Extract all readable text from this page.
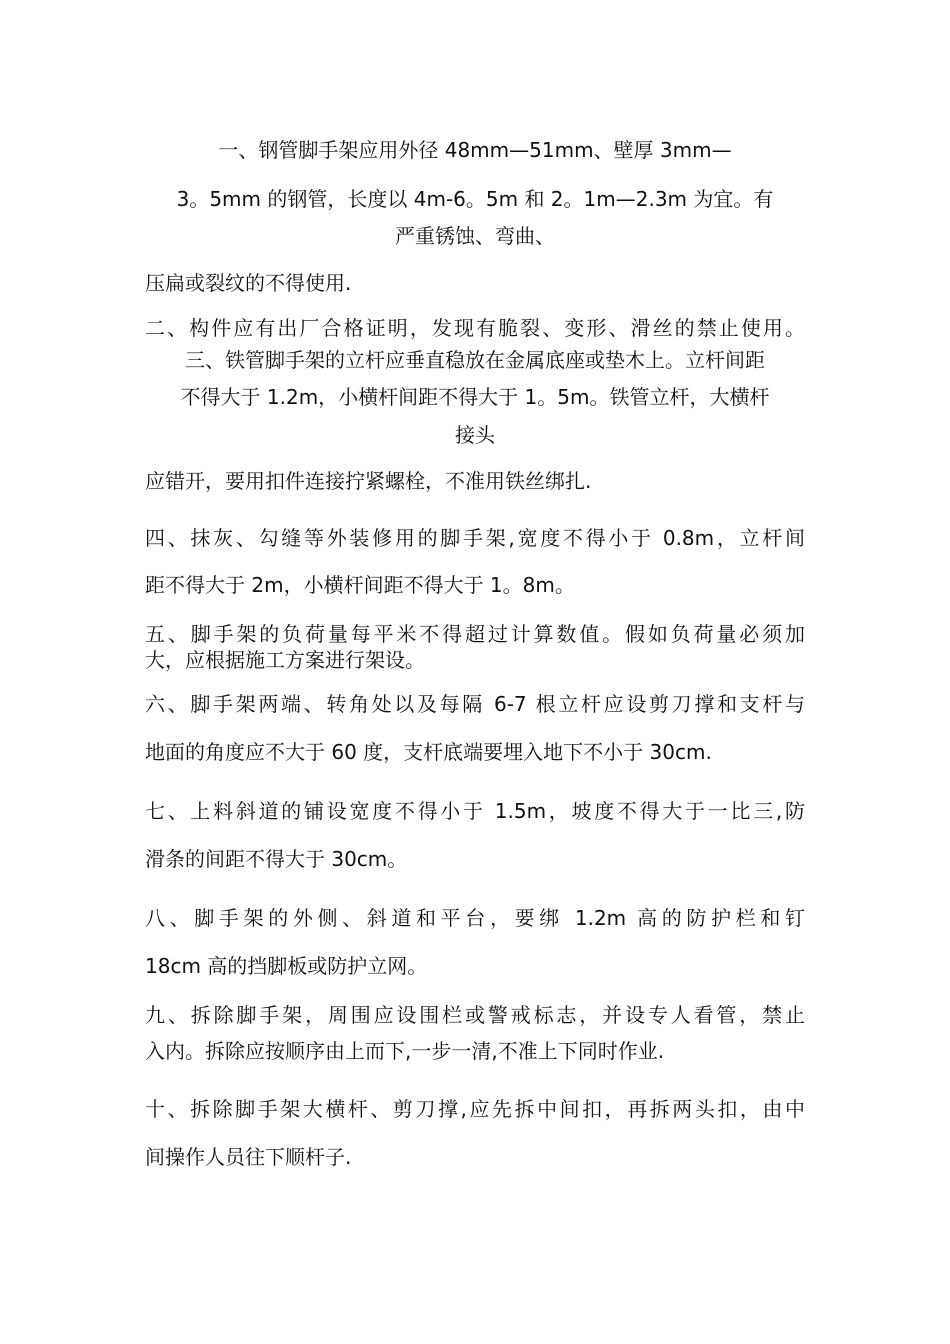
一、钢管脚手架应用外径 48mm—51mm、壁厚 3mm—
3。5mm 的钢管，长度以 4m-6。5m 和 2。1m—2.3m 为宜。有
严重锈蚀、弯曲、
压扁或裂纹的不得使用.
二、构件应有出厂合格证明，发现有脆裂、变形、滑丝的禁止使用。
三、铁管脚手架的立杆应垂直稳放在金属底座或垫木上。立杆间距
不得大于 1.2m，小横杆间距不得大于 1。5m。铁管立杆，大横杆
接头
应错开，要用扣件连接拧紧螺栓，不准用铁丝绑扎.
四、抹灰、勾缝等外装修用的脚手架,宽度不得小于 0.8m，立杆间
距不得大于 2m，小横杆间距不得大于 1。8m。
五、脚手架的负荷量每平米不得超过计算数值。假如负荷量必须加
大，应根据施工方案进行架设。
六、脚手架两端、转角处以及每隔 6-7 根立杆应设剪刀撑和支杆与
地面的角度应不大于 60 度，支杆底端要埋入地下不小于 30cm.
七、上料斜道的铺设宽度不得小于 1.5m，坡度不得大于一比三,防
滑条的间距不得大于 30cm。
八、脚手架的外侧、斜道和平台，要绑 1.2m 高的防护栏和钉
18cm 高的挡脚板或防护立网。
九、拆除脚手架，周围应设围栏或警戒标志，并设专人看管，禁止
入内。拆除应按顺序由上而下,一步一清,不准上下同时作业.
十、拆除脚手架大横杆、剪刀撑,应先拆中间扣，再拆两头扣，由中
间操作人员往下顺杆子.
